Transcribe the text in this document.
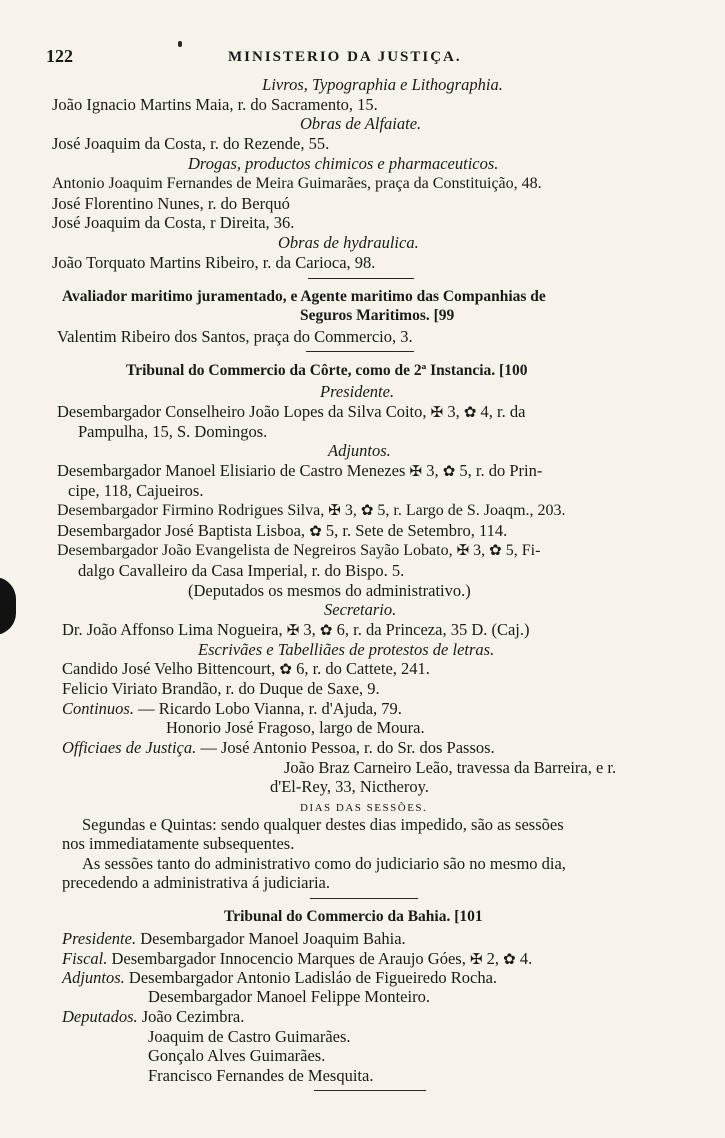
122	MINISTERIO DA JUSTIÇA.
Livros, Typographia e Lithographia.
João Ignacio Martins Maia, r. do Sacramento, 15.
Obras de Alfaiate.
José Joaquim da Costa, r. do Rezende, 55.
Drogas, productos chimicos e pharmaceuticos.
Antonio Joaquim Fernandes de Meira Guimarães, praça da Constituição, 48.
José Florentino Nunes, r. do Berquó
José Joaquim da Costa, r Direita, 36.
Obras de hydraulica.
João Torquato Martins Ribeiro, r. da Carioca, 98.
Avaliador maritimo juramentado, e Agente maritimo das Companhias de
Seguros Maritimos. [99
Valentim Ribeiro dos Santos, praça do Commercio, 3.
Tribunal do Commercio da Côrte, como de 2ª Instancia. [100
Presidente.
Desembargador Conselheiro João Lopes da Silva Coito, ✠ 3, ✿ 4, r. da
Pampulha, 15, S. Domingos.
Adjuntos.
Desembargador Manoel Elisiario de Castro Menezes ✠ 3, ✿ 5, r. do Prin-
cipe, 118, Cajueiros.
Desembargador Firmino Rodrigues Silva, ✠ 3, ✿ 5, r. Largo de S. Joaqm., 203.
Desembargador José Baptista Lisboa, ✿ 5, r. Sete de Setembro, 114.
Desembargador João Evangelista de Negreiros Sayão Lobato, ✠ 3, ✿ 5, Fi-
dalgo Cavalleiro da Casa Imperial, r. do Bispo. 5.
(Deputados os mesmos do administrativo.)
Secretario.
Dr. João Affonso Lima Nogueira, ✠ 3, ✿ 6, r. da Princeza, 35 D. (Caj.)
Escrivães e Tabelliães de protestos de letras.
Candido José Velho Bittencourt, ✿ 6, r. do Cattete, 241.
Felicio Viriato Brandão, r. do Duque de Saxe, 9.
Continuos. — Ricardo Lobo Vianna, r. d'Ajuda, 79.
Honorio José Fragoso, largo de Moura.
Officiaes de Justiça. — José Antonio Pessoa, r. do Sr. dos Passos.
João Braz Carneiro Leão, travessa da Barreira, e r.
d'El-Rey, 33, Nictheroy.
DIAS DAS SESSÕES.
Segundas e Quintas: sendo qualquer destes dias impedido, são as sessões
nos immediatamente subsequentes.
As sessões tanto do administrativo como do judiciario são no mesmo dia,
precedendo a administrativa á judiciaria.
Tribunal do Commercio da Bahia. [101
Presidente. Desembargador Manoel Joaquim Bahia.
Fiscal. Desembargador Innocencio Marques de Araujo Góes, ✠ 2, ✿ 4.
Adjuntos. Desembargador Antonio Ladisláo de Figueiredo Rocha.
Desembargador Manoel Felippe Monteiro.
Deputados. João Cezimbra.
Joaquim de Castro Guimarães.
Gonçalo Alves Guimarães.
Francisco Fernandes de Mesquita.
